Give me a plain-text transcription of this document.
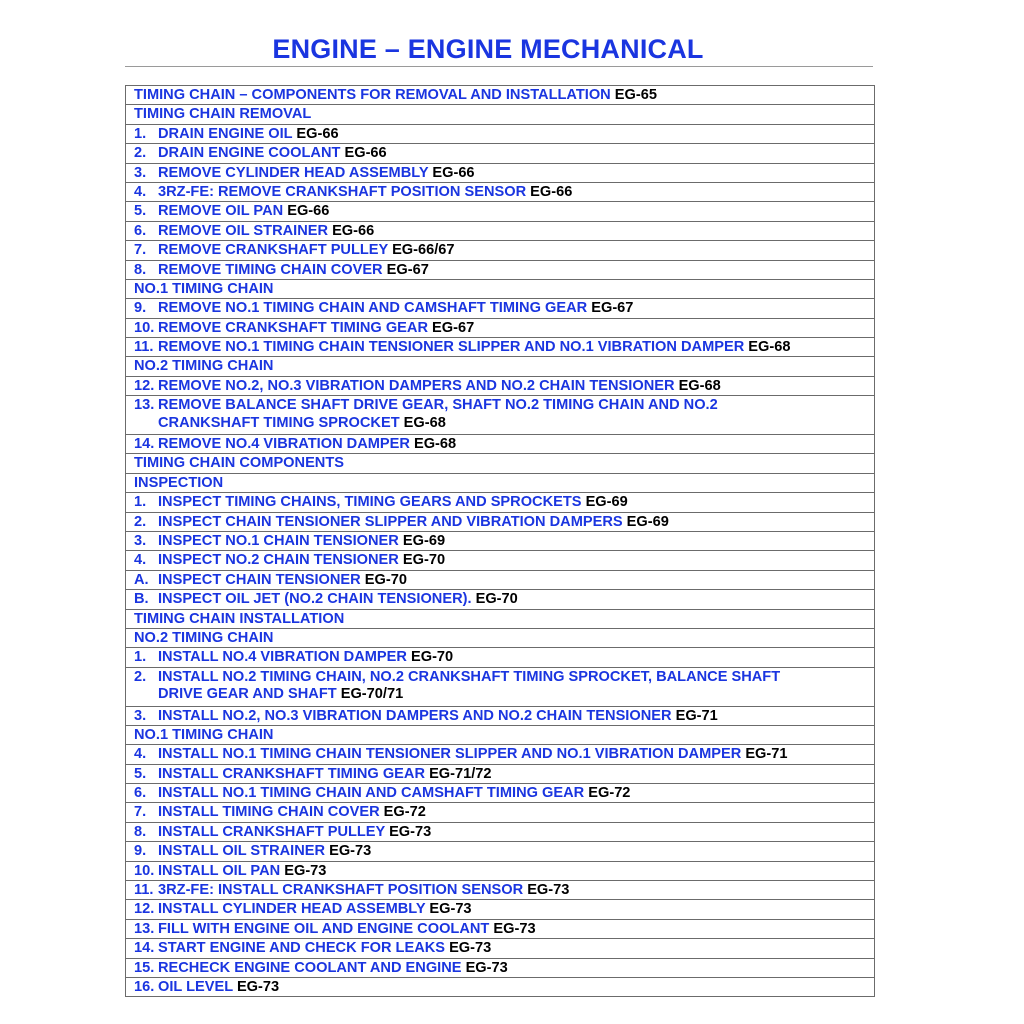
ENGINE – ENGINE MECHANICAL
TIMING CHAIN – COMPONENTS FOR REMOVAL AND INSTALLATION EG-65
TIMING CHAIN REMOVAL
1. DRAIN ENGINE OIL EG-66
2. DRAIN ENGINE COOLANT EG-66
3. REMOVE CYLINDER HEAD ASSEMBLY EG-66
4. 3RZ-FE: REMOVE CRANKSHAFT POSITION SENSOR EG-66
5. REMOVE OIL PAN EG-66
6. REMOVE OIL STRAINER EG-66
7. REMOVE CRANKSHAFT PULLEY EG-66/67
8. REMOVE TIMING CHAIN COVER EG-67
NO.1 TIMING CHAIN
9. REMOVE NO.1 TIMING CHAIN AND CAMSHAFT TIMING GEAR EG-67
10. REMOVE CRANKSHAFT TIMING GEAR EG-67
11. REMOVE NO.1 TIMING CHAIN TENSIONER SLIPPER AND NO.1 VIBRATION DAMPER EG-68
NO.2 TIMING CHAIN
12. REMOVE NO.2, NO.3 VIBRATION DAMPERS AND NO.2 CHAIN TENSIONER EG-68
13. REMOVE BALANCE SHAFT DRIVE GEAR, SHAFT NO.2 TIMING CHAIN AND NO.2
CRANKSHAFT TIMING SPROCKET EG-68
14. REMOVE NO.4 VIBRATION DAMPER EG-68
TIMING CHAIN COMPONENTS
INSPECTION
1. INSPECT TIMING CHAINS, TIMING GEARS AND SPROCKETS EG-69
2. INSPECT CHAIN TENSIONER SLIPPER AND VIBRATION DAMPERS EG-69
3. INSPECT NO.1 CHAIN TENSIONER EG-69
4. INSPECT NO.2 CHAIN TENSIONER EG-70
A. INSPECT CHAIN TENSIONER EG-70
B. INSPECT OIL JET (NO.2 CHAIN TENSIONER). EG-70
TIMING CHAIN INSTALLATION
NO.2 TIMING CHAIN
1. INSTALL NO.4 VIBRATION DAMPER EG-70
2. INSTALL NO.2 TIMING CHAIN, NO.2 CRANKSHAFT TIMING SPROCKET, BALANCE SHAFT
DRIVE GEAR AND SHAFT EG-70/71
3. INSTALL NO.2, NO.3 VIBRATION DAMPERS AND NO.2 CHAIN TENSIONER EG-71
NO.1 TIMING CHAIN
4. INSTALL NO.1 TIMING CHAIN TENSIONER SLIPPER AND NO.1 VIBRATION DAMPER EG-71
5. INSTALL CRANKSHAFT TIMING GEAR EG-71/72
6. INSTALL NO.1 TIMING CHAIN AND CAMSHAFT TIMING GEAR EG-72
7. INSTALL TIMING CHAIN COVER EG-72
8. INSTALL CRANKSHAFT PULLEY EG-73
9. INSTALL OIL STRAINER EG-73
10. INSTALL OIL PAN EG-73
11. 3RZ-FE: INSTALL CRANKSHAFT POSITION SENSOR EG-73
12. INSTALL CYLINDER HEAD ASSEMBLY EG-73
13. FILL WITH ENGINE OIL AND ENGINE COOLANT EG-73
14. START ENGINE AND CHECK FOR LEAKS EG-73
15. RECHECK ENGINE COOLANT AND ENGINE EG-73
16. OIL LEVEL EG-73
